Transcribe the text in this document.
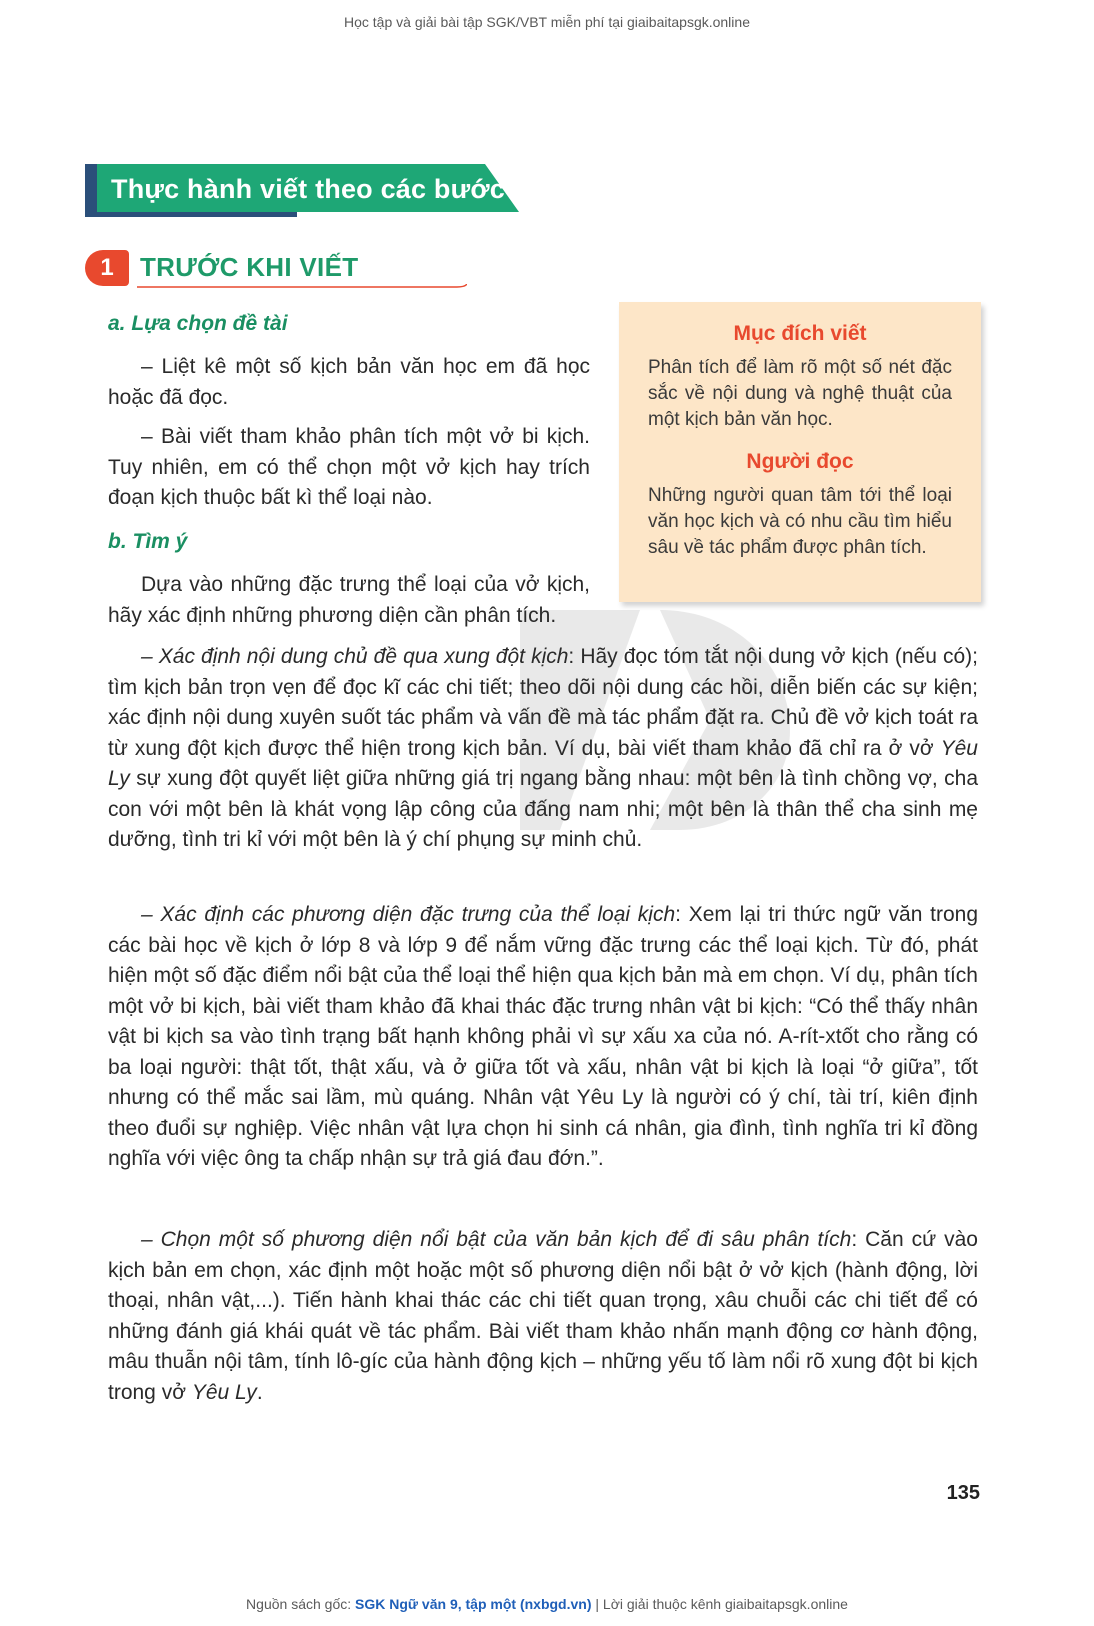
Học tập và giải bài tập SGK/VBT miễn phí tại giaibaitapsgk.online
Thực hành viết theo các bước
1	TRƯỚC KHI VIẾT
a. Lựa chọn đề tài

– Liệt kê một số kịch bản văn học em đã học hoặc đã đọc.

– Bài viết tham khảo phân tích một vở bi kịch. Tuy nhiên, em có thể chọn một vở kịch hay trích đoạn kịch thuộc bất kì thể loại nào.

b. Tìm ý

Dựa vào những đặc trưng thể loại của vở kịch, hãy xác định những phương diện cần phân tích.

Mục đích viết

Phân tích để làm rõ một số nét đặc sắc về nội dung và nghệ thuật của một kịch bản văn học.

Người đọc

Những người quan tâm tới thể loại văn học kịch và có nhu cầu tìm hiểu sâu về tác phẩm được phân tích.

– Xác định nội dung chủ đề qua xung đột kịch: Hãy đọc tóm tắt nội dung vở kịch (nếu có); tìm kịch bản trọn vẹn để đọc kĩ các chi tiết; theo dõi nội dung các hồi, diễn biến các sự kiện; xác định nội dung xuyên suốt tác phẩm và vấn đề mà tác phẩm đặt ra. Chủ đề vở kịch toát ra từ xung đột kịch được thể hiện trong kịch bản. Ví dụ, bài viết tham khảo đã chỉ ra ở vở Yêu Ly sự xung đột quyết liệt giữa những giá trị ngang bằng nhau: một bên là tình chồng vợ, cha con với một bên là khát vọng lập công của đấng nam nhi; một bên là thân thể cha sinh mẹ dưỡng, tình tri kỉ với một bên là ý chí phụng sự minh chủ.

– Xác định các phương diện đặc trưng của thể loại kịch: Xem lại tri thức ngữ văn trong các bài học về kịch ở lớp 8 và lớp 9 để nắm vững đặc trưng các thể loại kịch. Từ đó, phát hiện một số đặc điểm nổi bật của thể loại thể hiện qua kịch bản mà em chọn. Ví dụ, phân tích một vở bi kịch, bài viết tham khảo đã khai thác đặc trưng nhân vật bi kịch: “Có thể thấy nhân vật bi kịch sa vào tình trạng bất hạnh không phải vì sự xấu xa của nó. A-rít-xtốt cho rằng có ba loại người: thật tốt, thật xấu, và ở giữa tốt và xấu, nhân vật bi kịch là loại “ở giữa”, tốt nhưng có thể mắc sai lầm, mù quáng. Nhân vật Yêu Ly là người có ý chí, tài trí, kiên định theo đuổi sự nghiệp. Việc nhân vật lựa chọn hi sinh cá nhân, gia đình, tình nghĩa tri kỉ đồng nghĩa với việc ông ta chấp nhận sự trả giá đau đớn.”.

– Chọn một số phương diện nổi bật của văn bản kịch để đi sâu phân tích: Căn cứ vào kịch bản em chọn, xác định một hoặc một số phương diện nổi bật ở vở kịch (hành động, lời thoại, nhân vật,...). Tiến hành khai thác các chi tiết quan trọng, xâu chuỗi các chi tiết để có những đánh giá khái quát về tác phẩm. Bài viết tham khảo nhấn mạnh động cơ hành động, mâu thuẫn nội tâm, tính lô-gíc của hành động kịch – những yếu tố làm nổi rõ xung đột bi kịch trong vở Yêu Ly.

135
Nguồn sách gốc: SGK Ngữ văn 9, tập một (nxbgd.vn) | Lời giải thuộc kênh giaibaitapsgk.online
